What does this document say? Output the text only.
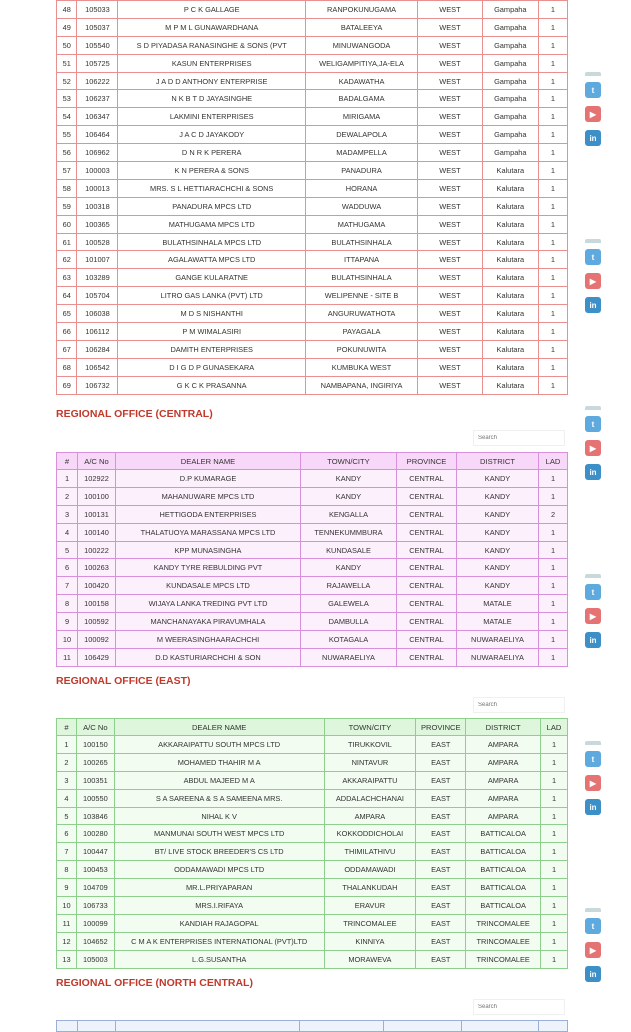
48	105033	P C K GALLAGE	RANPOKUNUGAMA	WEST	Gampaha	1
49	105037	M P M L GUNAWARDHANA	BATALEEYA	WEST	Gampaha	1
50	105540	S D PIYADASA RANASINGHE & SONS (PVT	MINUWANGODA	WEST	Gampaha	1
51	105725	KASUN ENTERPRISES	WELIGAMPITIYA,JA-ELA	WEST	Gampaha	1
52	106222	J A D D ANTHONY ENTERPRISE	KADAWATHA	WEST	Gampaha	1
53	106237	N K B T D JAYASINGHE	BADALGAMA	WEST	Gampaha	1
54	106347	LAKMINI ENTERPRISES	MIRIGAMA	WEST	Gampaha	1
55	106464	J A C D JAYAKODY	DEWALAPOLA	WEST	Gampaha	1
56	106962	D N R K PERERA	MADAMPELLA	WEST	Gampaha	1
57	100003	K N PERERA & SONS	PANADURA	WEST	Kalutara	1
58	100013	MRS. S L HETTIARACHCHI & SONS	HORANA	WEST	Kalutara	1
59	100318	PANADURA MPCS LTD	WADDUWA	WEST	Kalutara	1
60	100365	MATHUGAMA MPCS LTD	MATHUGAMA	WEST	Kalutara	1
61	100528	BULATHSINHALA MPCS LTD	BULATHSINHALA	WEST	Kalutara	1
62	101007	AGALAWATTA MPCS LTD	ITTAPANA	WEST	Kalutara	1
63	103289	GANGE KULARATNE	BULATHSINHALA	WEST	Kalutara	1
64	105704	LITRO GAS LANKA (PVT) LTD	WELIPENNE - SITE B	WEST	Kalutara	1
65	106038	M D S NISHANTHI	ANGURUWATHOTA	WEST	Kalutara	1
66	106112	P M WIMALASIRI	PAYAGALA	WEST	Kalutara	1
67	106284	DAMITH ENTERPRISES	POKUNUWITA	WEST	Kalutara	1
68	106542	D I G D P GUNASEKARA	KUMBUKA WEST	WEST	Kalutara	1
69	106732	G K C K PRASANNA	NAMBAPANA, INGIRIYA	WEST	Kalutara	1
REGIONAL OFFICE (CENTRAL)
Search
#	A/C No	DEALER NAME	TOWN/CITY	PROVINCE	DISTRICT	LAD
1	102922	D.P KUMARAGE	KANDY	CENTRAL	KANDY	1
2	100100	MAHANUWARE MPCS LTD	KANDY	CENTRAL	KANDY	1
3	100131	HETTIGODA ENTERPRISES	KENGALLA	CENTRAL	KANDY	2
4	100140	THALATUOYA MARASSANA MPCS LTD	TENNEKUMMBURA	CENTRAL	KANDY	1
5	100222	KPP MUNASINGHA	KUNDASALE	CENTRAL	KANDY	1
6	100263	KANDY TYRE REBULDING PVT	KANDY	CENTRAL	KANDY	1
7	100420	KUNDASALE MPCS LTD	RAJAWELLA	CENTRAL	KANDY	1
8	100158	WIJAYA LANKA TREDING PVT LTD	GALEWELA	CENTRAL	MATALE	1
9	100592	MANCHANAYAKA PIRAVUMHALA	DAMBULLA	CENTRAL	MATALE	1
10	100092	M WEERASINGHAARACHCHI	KOTAGALA	CENTRAL	NUWARAELIYA	1
11	106429	D.D KASTURIARCHCHI & SON	NUWARAELIYA	CENTRAL	NUWARAELIYA	1
REGIONAL OFFICE (EAST)
Search
#	A/C No	DEALER NAME	TOWN/CITY	PROVINCE	DISTRICT	LAD
1	100150	AKKARAIPATTU SOUTH MPCS LTD	TIRUKKOVIL	EAST	AMPARA	1
2	100265	MOHAMED THAHIR M A	NINTAVUR	EAST	AMPARA	1
3	100351	ABDUL MAJEED M A	AKKARAIPATTU	EAST	AMPARA	1
4	100550	S A SAREENA & S A SAMEENA MRS.	ADDALACHCHANAI	EAST	AMPARA	1
5	103846	NIHAL K V	AMPARA	EAST	AMPARA	1
6	100280	MANMUNAI SOUTH WEST MPCS LTD	KOKKODDICHOLAI	EAST	BATTICALOA	1
7	100447	BT/ LIVE STOCK BREEDER'S CS LTD	THIMILATHIVU	EAST	BATTICALOA	1
8	100453	ODDAMAWADI MPCS LTD	ODDAMAWADI	EAST	BATTICALOA	1
9	104709	MR.L.PRIYAPARAN	THALANKUDAH	EAST	BATTICALOA	1
10	106733	MRS.I.RIFAYA	ERAVUR	EAST	BATTICALOA	1
11	100099	KANDIAH RAJAGOPAL	TRINCOMALEE	EAST	TRINCOMALEE	1
12	104652	C M A K ENTERPRISES INTERNATIONAL (PVT)LTD	KINNIYA	EAST	TRINCOMALEE	1
13	105003	L.G.SUSANTHA	MORAWEVA	EAST	TRINCOMALEE	1
REGIONAL OFFICE (NORTH CENTRAL)
Search

t
▶
in
t
▶
in
t
▶
in
t
▶
in
t
▶
in
t
▶
in
